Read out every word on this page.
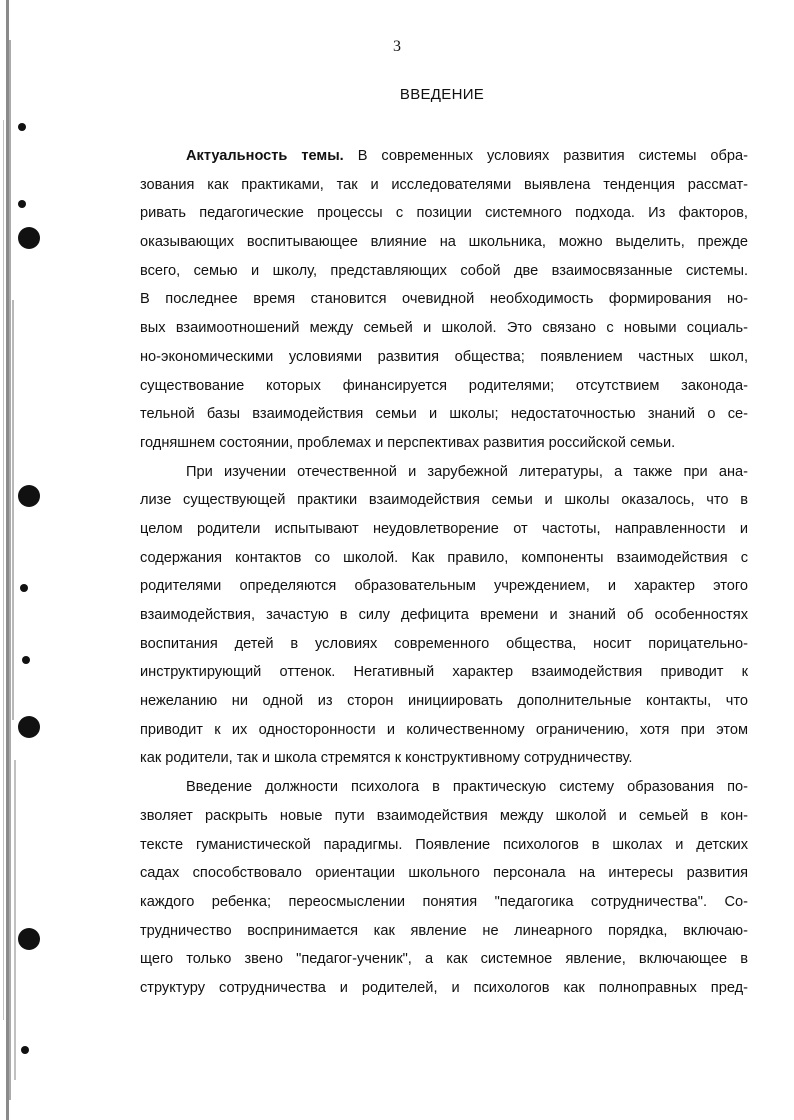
3
ВВЕДЕНИЕ
Актуальность темы. В современных условиях развития системы обра-
зования как практиками, так и исследователями выявлена тенденция рассмат-
ривать педагогические процессы с позиции системного подхода. Из факторов,
оказывающих воспитывающее влияние на школьника, можно выделить, прежде
всего, семью и школу, представляющих собой две взаимосвязанные системы.
В последнее время становится очевидной необходимость формирования но-
вых взаимоотношений между семьей и школой. Это связано с новыми социаль-
но-экономическими условиями развития общества; появлением частных школ,
существование которых финансируется родителями; отсутствием законода-
тельной базы взаимодействия семьи и школы; недостаточностью знаний о се-
годняшнем состоянии, проблемах и перспективах развития российской семьи.
При изучении отечественной и зарубежной литературы, а также при ана-
лизе существующей практики взаимодействия семьи и школы оказалось, что в
целом родители испытывают неудовлетворение от частоты, направленности и
содержания контактов со школой. Как правило, компоненты взаимодействия с
родителями определяются образовательным учреждением, и характер этого
взаимодействия, зачастую в силу дефицита времени и знаний об особенностях
воспитания детей в условиях современного общества, носит порицательно-
инструктирующий оттенок. Негативный характер взаимодействия приводит к
нежеланию ни одной из сторон инициировать дополнительные контакты, что
приводит к их односторонности и количественному ограничению, хотя при этом
как родители, так и школа стремятся к конструктивному сотрудничеству.
Введение должности психолога в практическую систему образования по-
зволяет раскрыть новые пути взаимодействия между школой и семьей в кон-
тексте гуманистической парадигмы. Появление психологов в школах и детских
садах способствовало ориентации школьного персонала на интересы развития
каждого ребенка; переосмыслении понятия "педагогика сотрудничества". Со-
трудничество воспринимается как явление не линеарного порядка, включаю-
щего только звено "педагог-ученик", а как системное явление, включающее в
структуру сотрудничества и родителей, и психологов как полноправных пред-
